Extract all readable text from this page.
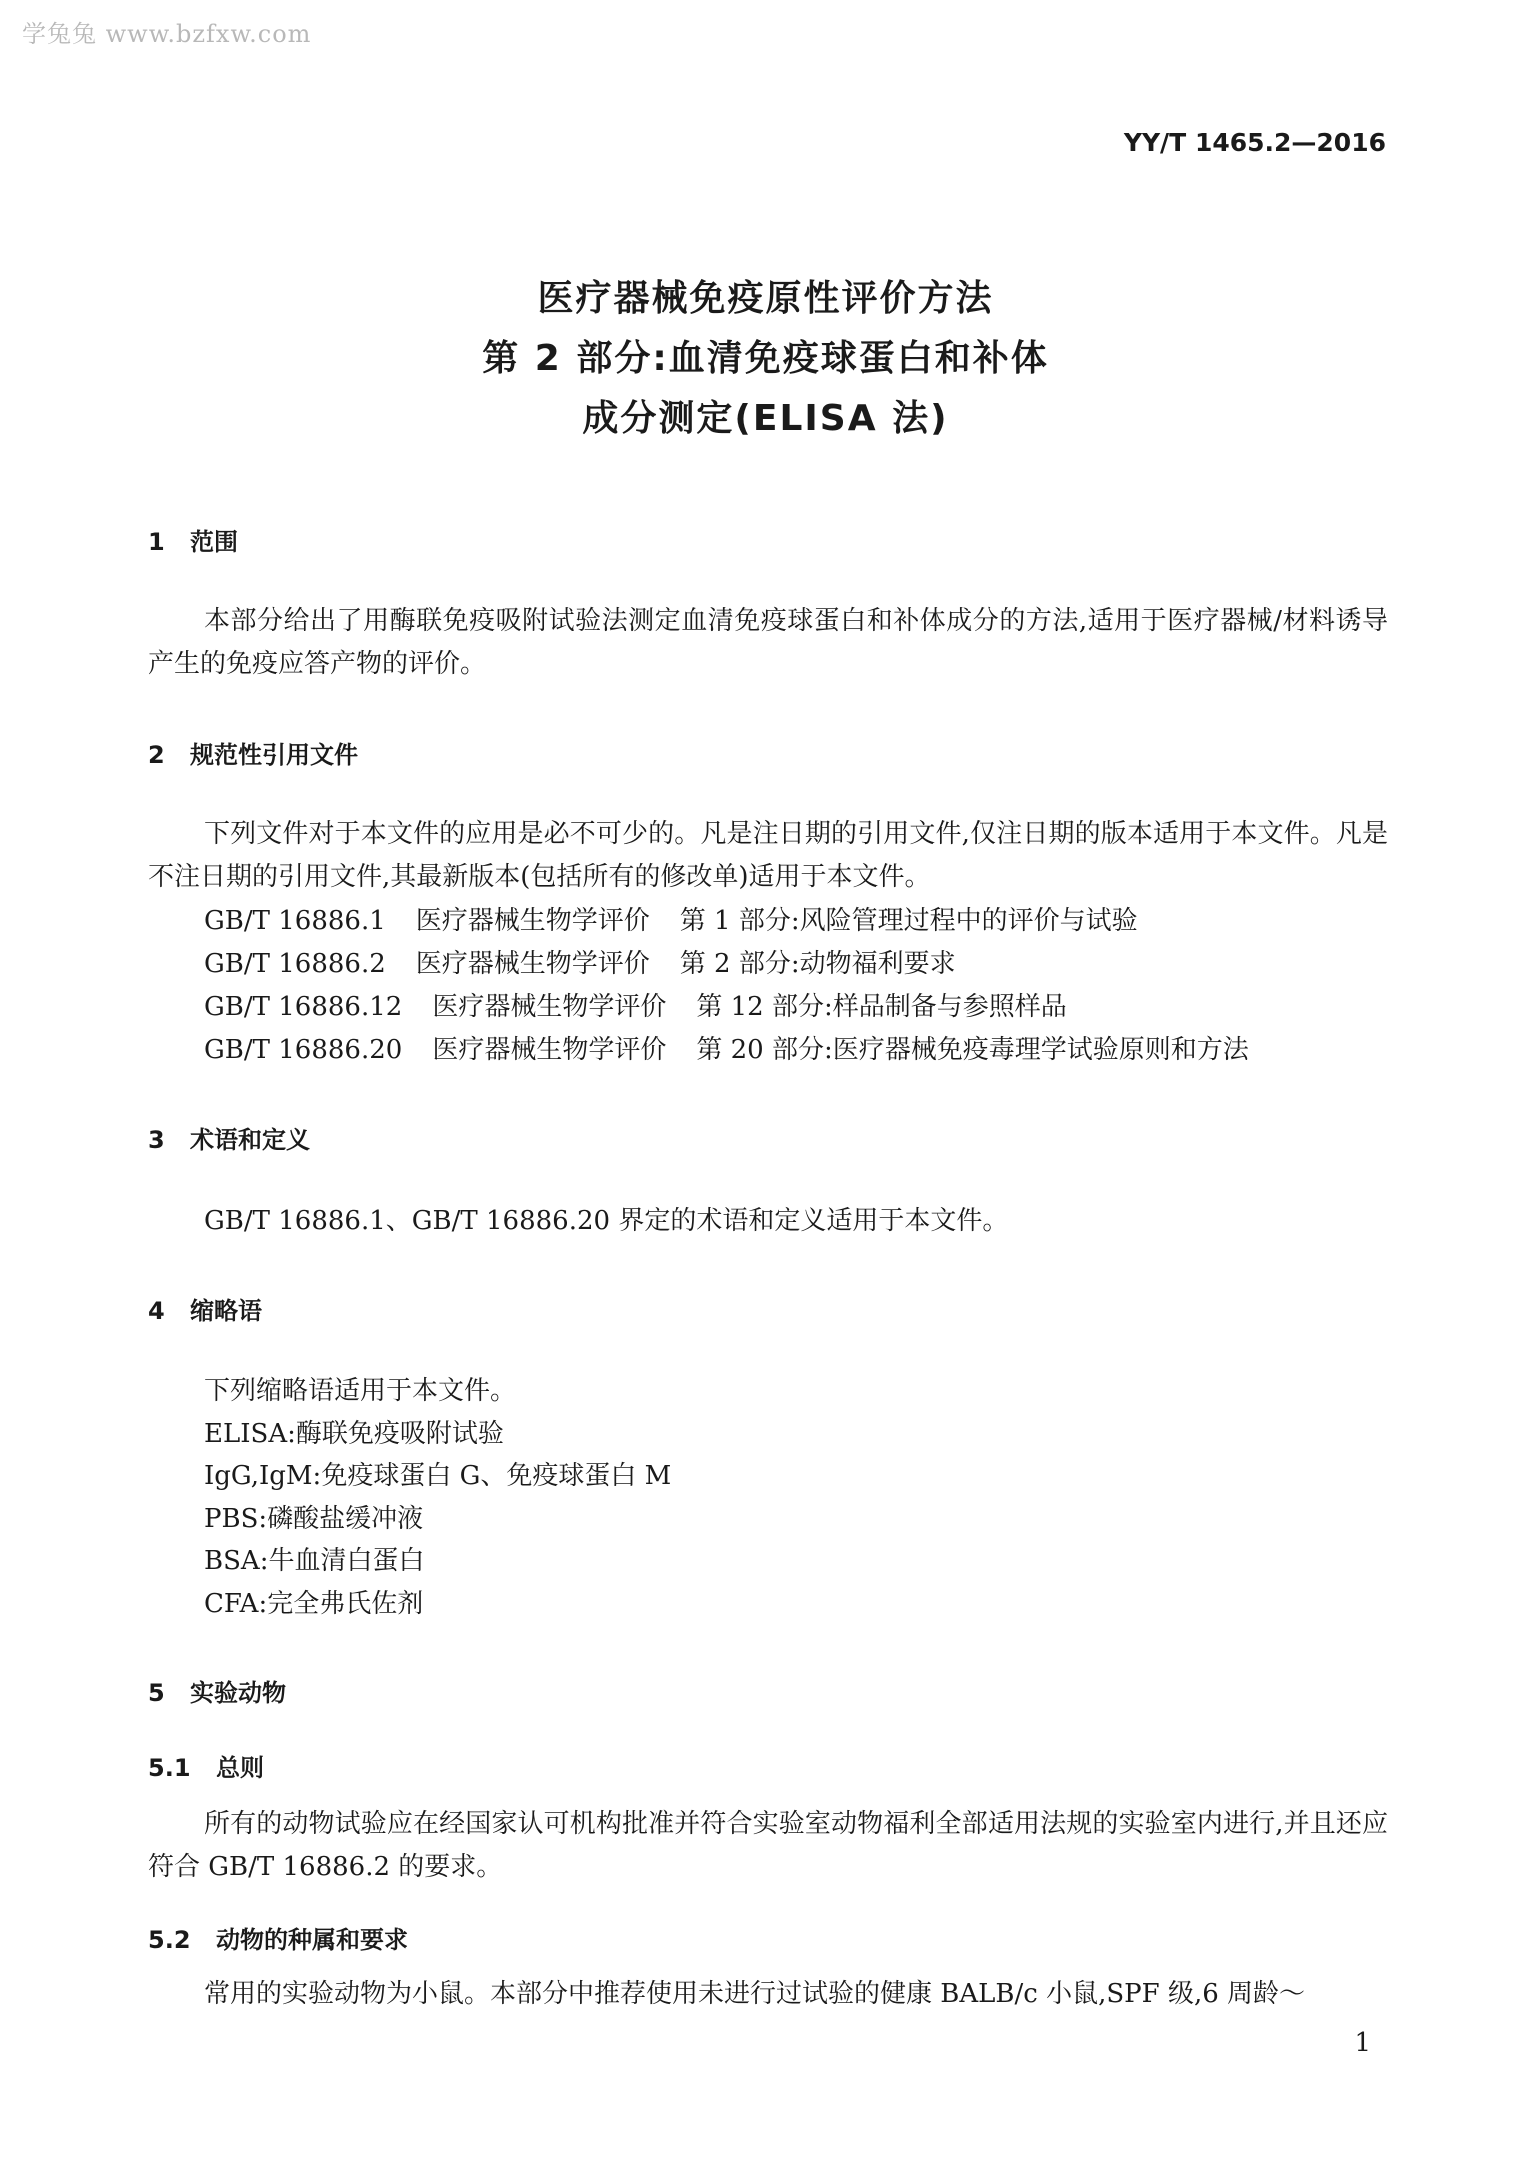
学兔兔 www.bzfxw.com
YY/T 1465.2—2016
医疗器械免疫原性评价方法
第 2 部分:血清免疫球蛋白和补体
成分测定(ELISA 法)
1 范围
本部分给出了用酶联免疫吸附试验法测定血清免疫球蛋白和补体成分的方法,适用于医疗器械/材料诱导产生的免疫应答产物的评价。
2 规范性引用文件
下列文件对于本文件的应用是必不可少的。凡是注日期的引用文件,仅注日期的版本适用于本文件。凡是不注日期的引用文件,其最新版本(包括所有的修改单)适用于本文件。
GB/T 16886.1 医疗器械生物学评价 第 1 部分:风险管理过程中的评价与试验
GB/T 16886.2 医疗器械生物学评价 第 2 部分:动物福利要求
GB/T 16886.12 医疗器械生物学评价 第 12 部分:样品制备与参照样品
GB/T 16886.20 医疗器械生物学评价 第 20 部分:医疗器械免疫毒理学试验原则和方法
3 术语和定义
GB/T 16886.1、GB/T 16886.20 界定的术语和定义适用于本文件。
4 缩略语
下列缩略语适用于本文件。
ELISA:酶联免疫吸附试验
IgG,IgM:免疫球蛋白 G、免疫球蛋白 M
PBS:磷酸盐缓冲液
BSA:牛血清白蛋白
CFA:完全弗氏佐剂
5 实验动物
5.1 总则
所有的动物试验应在经国家认可机构批准并符合实验室动物福利全部适用法规的实验室内进行,并且还应符合 GB/T 16886.2 的要求。
5.2 动物的种属和要求
常用的实验动物为小鼠。本部分中推荐使用未进行过试验的健康 BALB/c 小鼠,SPF 级,6 周龄～
1
